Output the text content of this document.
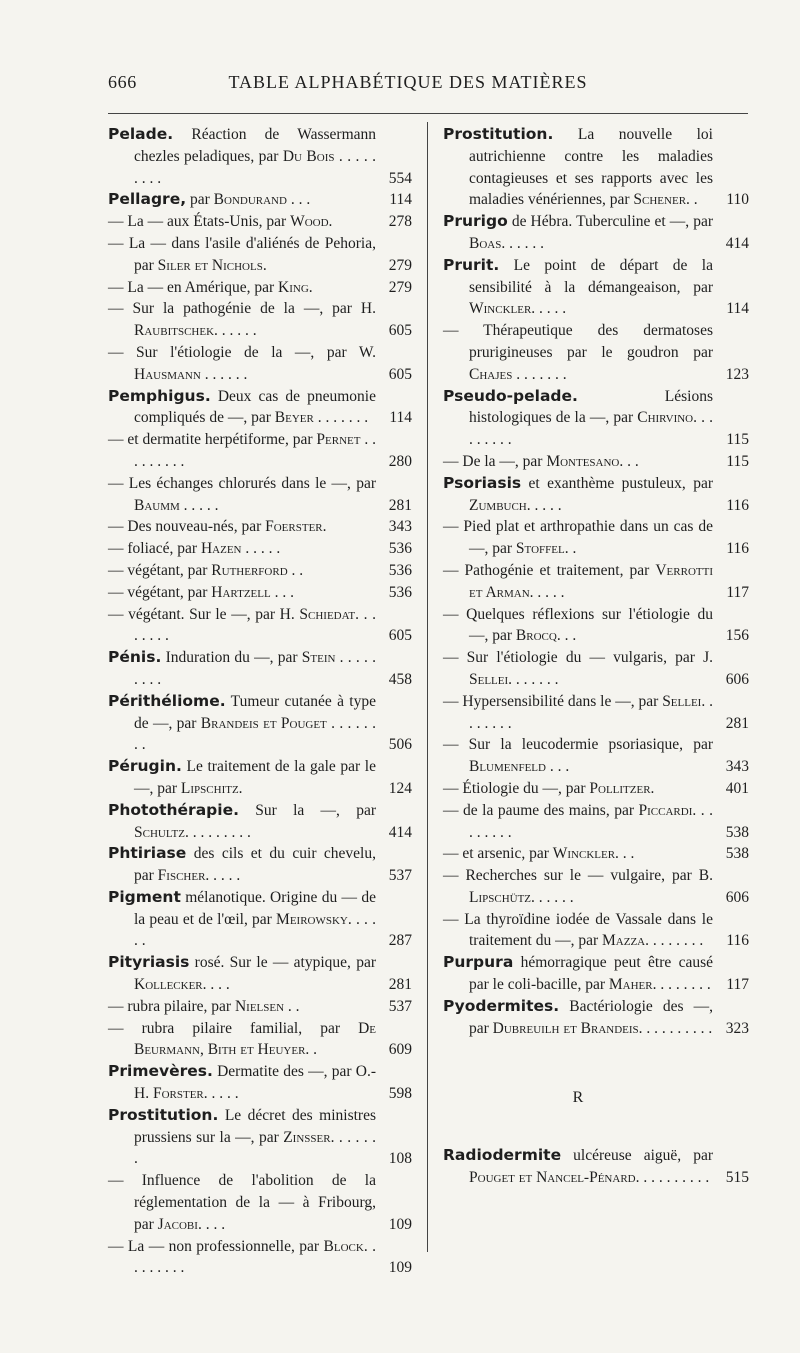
666	TABLE ALPHABÉTIQUE DES MATIÈRES
Pelade. Réaction de Wassermann chezles peladiques, par Du Bois . . . . . . . . .	554
Pellagre, par Bondurand . . .	114
— La — aux États-Unis, par Wood.	278
— La — dans l'asile d'aliénés de Pehoria, par Siler et Nichols.	279
— La — en Amérique, par King.	279
— Sur la pathogénie de la —, par H. Raubitschek. . . . . .	605
— Sur l'étiologie de la —, par W. Hausmann . . . . . .	605
Pemphigus. Deux cas de pneumonie compliqués de —, par Beyer . . . . . . .	114
— et dermatite herpétiforme, par Pernet . . . . . . . . .	280
— Les échanges chlorurés dans le —, par Baumm . . . . .	281
— Des nouveau-nés, par Foerster.	343
— foliacé, par Hazen . . . . .	536
— végétant, par Rutherford . .	536
— végétant, par Hartzell . . .	536
— végétant. Sur le —, par H. Schiedat. . . . . . . .	605
Pénis. Induration du —, par Stein . . . . . . . . .	458
Périthéliome. Tumeur cutanée à type de —, par Brandeis et Pouget . . . . . . . .	506
Pérugin. Le traitement de la gale par le —, par Lipschitz.	124
Photothérapie. Sur la —, par Schultz. . . . . . . . .	414
Phtiriase des cils et du cuir chevelu, par Fischer. . . . .	537
Pigment mélanotique. Origine du — de la peau et de l'œil, par Meirowsky. . . . . .	287
Pityriasis rosé. Sur le — atypique, par Kollecker. . . .	281
— rubra pilaire, par Nielsen . .	537
— rubra pilaire familial, par De Beurmann, Bith et Heuyer. .	609
Primevères. Dermatite des —, par O.-H. Forster. . . . .	598
Prostitution. Le décret des ministres prussiens sur la —, par Zinsser. . . . . . .	108
— Influence de l'abolition de la réglementation de la — à Fribourg, par Jacobi. . . .	109
— La — non professionnelle, par Block. . . . . . . . .	109
Prostitution. La nouvelle loi autrichienne contre les maladies contagieuses et ses rapports avec les maladies vénériennes, par Schener. .	110
Prurigo de Hébra. Tuberculine et —, par Boas. . . . . .	414
Prurit. Le point de départ de la sensibilité à la démangeaison, par Winckler. . . . .	114
— Thérapeutique des dermatoses prurigineuses par le goudron par Chajes . . . . . . .	123
Pseudo-pelade. Lésions histologiques de la —, par Chirvino. . . . . . . . .	115
— De la —, par Montesano. . .	115
Psoriasis et exanthème pustuleux, par Zumbuch. . . . .	116
— Pied plat et arthropathie dans un cas de —, par Stoffel. .	116
— Pathogénie et traitement, par Verrotti et Arman. . . . .	117
— Quelques réflexions sur l'étiologie du —, par Brocq. . .	156
— Sur l'étiologie du — vulgaris, par J. Sellei. . . . . . .	606
— Hypersensibilité dans le —, par Sellei. . . . . . . .	281
— Sur la leucodermie psoriasique, par Blumenfeld . . .	343
— Étiologie du —, par Pollitzer.	401
— de la paume des mains, par Piccardi. . . . . . . . .	538
— et arsenic, par Winckler. . .	538
— Recherches sur le — vulgaire, par B. Lipschütz. . . . . .	606
— La thyroïdine iodée de Vassale dans le traitement du —, par Mazza. . . . . . . .	116
Purpura hémorragique peut être causé par le coli-bacille, par Maher. . . . . . . .	117
Pyodermites. Bactériologie des —, par Dubreuilh et Brandeis. . . . . . . . . . 323
R
Radiodermite ulcéreuse aiguë, par Pouget et Nancel-Pénard. . . . . . . . . .	515
